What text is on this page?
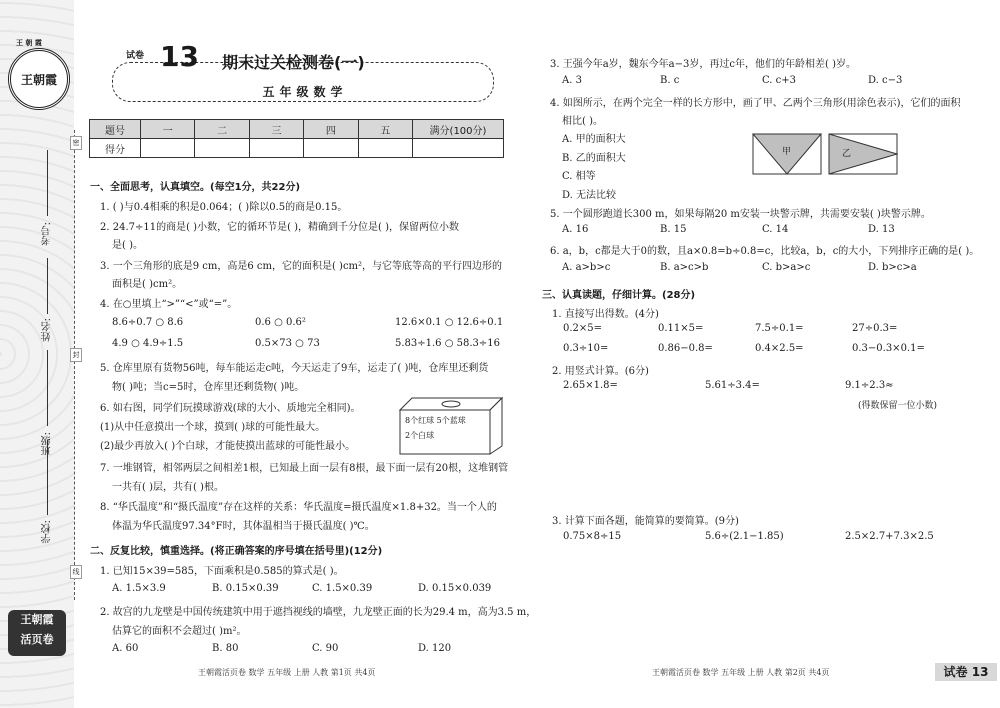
王 朝 霞
王朝霞
学校:
班级:
姓名:
考号:
密
封
线
王朝霞
活页卷
试卷 13 期末过关检测卷(一)
五年级数学
题号	一	二	三	四	五	满分(100分)
得分						
一、全面思考，认真填空。(每空1分，共22分)
1. ( )与0.4相乘的积是0.064；( )除以0.5的商是0.15。
2. 24.7÷11的商是( )小数，它的循环节是( )，精确到千分位是( )，保留两位小数
是( )。
3. 一个三角形的底是9 cm，高是6 cm，它的面积是( )cm²，与它等底等高的平行四边形的
面积是( )cm²。
4. 在○里填上“>”“<”或“=”。
8.6÷0.7 ○ 8.6	0.6 ○ 0.6²	12.6×0.1 ○ 12.6÷0.1
4.9 ○ 4.9÷1.5	0.5×73 ○ 73	5.83÷1.6 ○ 58.3÷16
5. 仓库里原有货物56吨，每车能运走c吨，今天运走了9车，运走了( )吨，仓库里还剩货
物( )吨；当c=5时，仓库里还剩货物( )吨。
6. 如右图，同学们玩摸球游戏(球的大小、质地完全相同)。
(1)从中任意摸出一个球，摸到( )球的可能性最大。
(2)最少再放入( )个白球，才能使摸出蓝球的可能性最小。
8个红球 5个蓝球
2个白球
7. 一堆钢管，相邻两层之间相差1根，已知最上面一层有8根，最下面一层有20根，这堆钢管
一共有( )层，共有( )根。
8. “华氏温度”和“摄氏温度”存在这样的关系：华氏温度=摄氏温度×1.8+32。当一个人的
体温为华氏温度97.34°F时，其体温相当于摄氏温度( )℃。
二、反复比较，慎重选择。(将正确答案的序号填在括号里)(12分)
1. 已知15×39=585，下面乘积是0.585的算式是( )。
A. 1.5×3.9	B. 0.15×0.39	C. 1.5×0.39	D. 0.15×0.039
2. 故宫的九龙壁是中国传统建筑中用于遮挡视线的墙壁，九龙壁正面的长为29.4 m，高为3.5 m，
估算它的面积不会超过( )m²。
A. 60	B. 80	C. 90	D. 120
王朝霞活页卷 数学 五年级 上册 人教 第1页 共4页
3. 王强今年a岁，魏东今年a−3岁，再过c年，他们的年龄相差( )岁。
A. 3	B. c	C. c+3	D. c−3
4. 如图所示，在两个完全一样的长方形中，画了甲、乙两个三角形(用涂色表示)，它们的面积
相比( )。
A. 甲的面积大
B. 乙的面积大
C. 相等
D. 无法比较
甲	乙
5. 一个圆形跑道长300 m，如果每隔20 m安装一块警示牌，共需要安装( )块警示牌。
A. 16	B. 15	C. 14	D. 13
6. a，b，c都是大于0的数，且a×0.8=b÷0.8=c，比较a，b，c的大小，下列排序正确的是( )。
A. a>b>c	B. a>c>b	C. b>a>c	D. b>c>a
三、认真读题，仔细计算。(28分)
1. 直接写出得数。(4分)
0.2×5=	0.11×5=	7.5÷0.1=	27÷0.3=
0.3÷10=	0.86−0.8=	0.4×2.5=	0.3−0.3×0.1=
2. 用竖式计算。(6分)
2.65×1.8=	5.61÷3.4=	9.1÷2.3≈
(得数保留一位小数)
3. 计算下面各题，能简算的要简算。(9分)
0.75×8÷15	5.6÷(2.1−1.85)	2.5×2.7+7.3×2.5
王朝霞活页卷 数学 五年级 上册 人教 第2页 共4页	试卷 13
